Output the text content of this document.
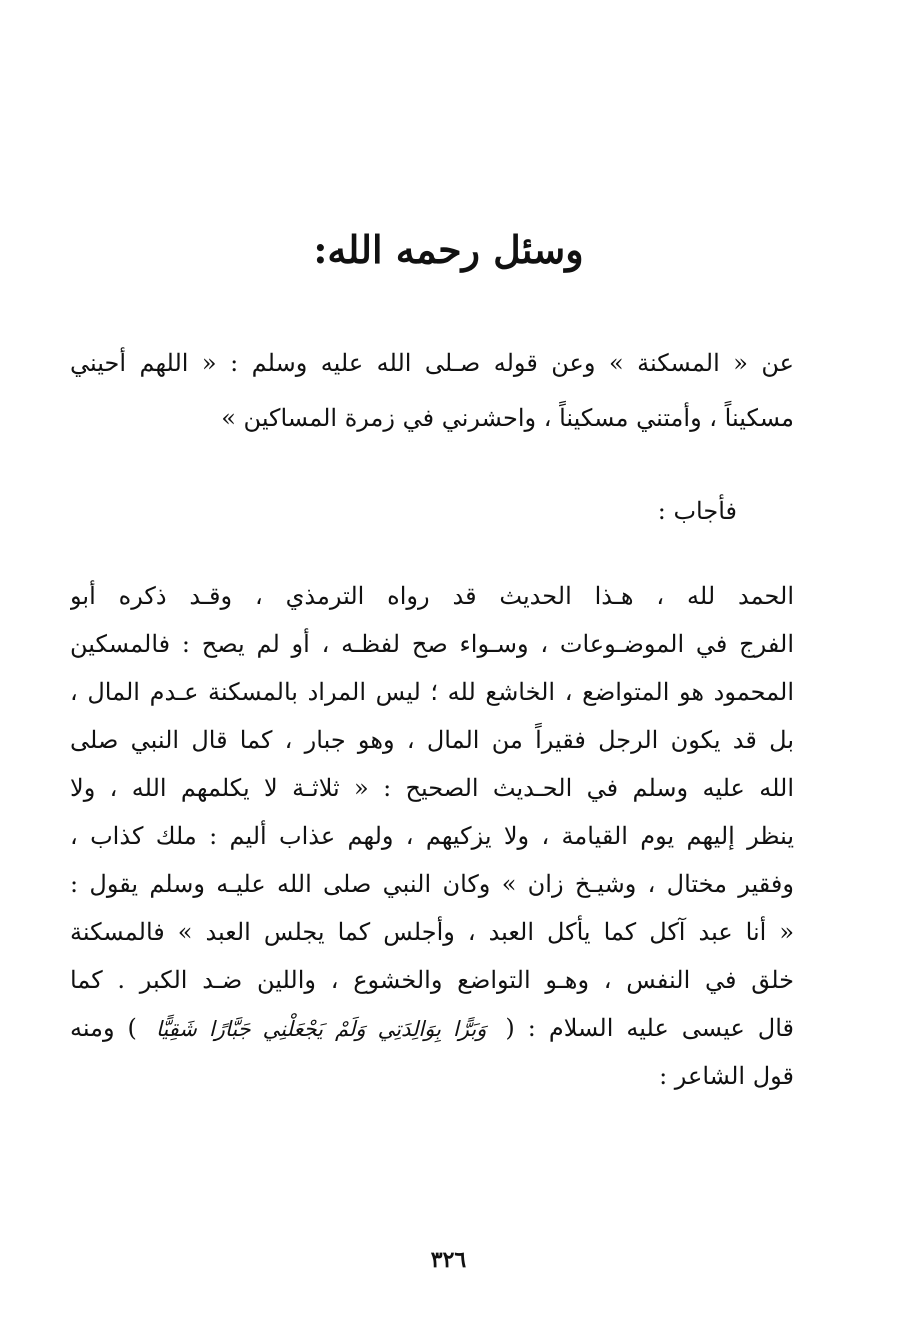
وسئل رحمه الله:
عن « المسكنة » وعن قوله صـلى الله عليه وسلم : « اللهم أحيني مسكيناً ، وأمتني مسكيناً ، واحشرني في زمرة المساكين »
فأجاب :
الحمد لله ، هـذا الحديث قد رواه الترمذي ، وقـد ذكره أبو
الفرج في الموضـوعات ، وسـواء صح لفظـه ، أو لم يصح : فالمسكين
المحمود هو المتواضع ، الخاشع لله ؛ ليس المراد بالمسكنة عـدم المال ،
بل قد يكون الرجل فقيراً من المال ، وهو جبار ، كما قال النبي صلى
الله عليه وسلم في الحـديث الصحيح : « ثلاثـة لا يكلمهم الله ، ولا
ينظر إليهم يوم القيامة ، ولا يزكيهم ، ولهم عذاب أليم : ملك كذاب ،
وفقير مختال ، وشيـخ زان » وكان النبي صلى الله عليـه وسلم يقول :
« أنا عبد آكل كما يأكل العبد ، وأجلس كما يجلس العبد » فالمسكنة
خلق في النفس ، وهـو التواضع والخشوع ، واللين ضـد الكبر . كما
قال عيسى عليه السلام : ( وَبَرًّا بِوَالِدَتِي وَلَمْ يَجْعَلْنِي جَبَّارًا شَقِيًّا ) ومنه
قول الشاعر :
٣٢٦
